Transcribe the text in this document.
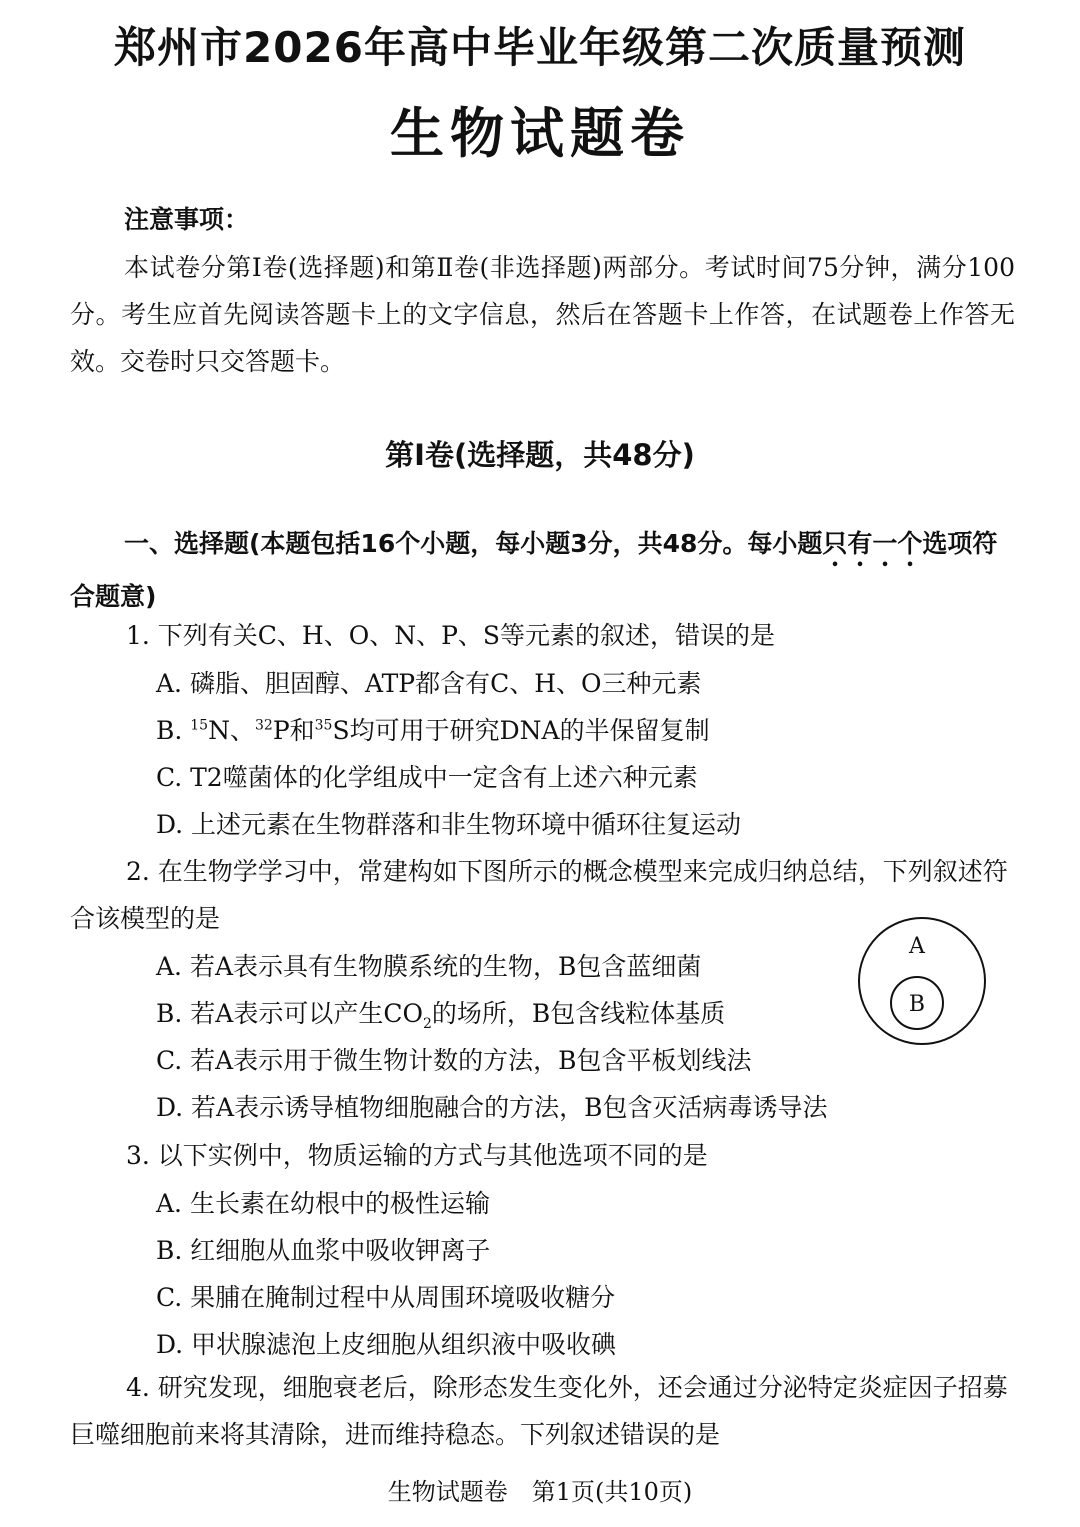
郑州市2026年高中毕业年级第二次质量预测
生物试题卷
注意事项：
本试卷分第Ⅰ卷(选择题)和第Ⅱ卷(非选择题)两部分。考试时间75分钟，满分100分。考生应首先阅读答题卡上的文字信息，然后在答题卡上作答，在试题卷上作答无效。交卷时只交答题卡。
第Ⅰ卷(选择题，共48分)
一、选择题(本题包括16个小题，每小题3分，共48分。每小题只有一个选项符合题意)
1. 下列有关C、H、O、N、P、S等元素的叙述，错误的是
A. 磷脂、胆固醇、ATP都含有C、H、O三种元素
B. $^{15}$N、$^{32}$P和$^{35}$S均可用于研究DNA的半保留复制
C. T2噬菌体的化学组成中一定含有上述六种元素
D. 上述元素在生物群落和非生物环境中循环往复运动
2. 在生物学学习中，常建构如下图所示的概念模型来完成归纳总结，下列叙述符合该模型的是
A. 若A表示具有生物膜系统的生物，B包含蓝细菌
B. 若A表示可以产生$CO_2$的场所，B包含线粒体基质
C. 若A表示用于微生物计数的方法，B包含平板划线法
D. 若A表示诱导植物细胞融合的方法，B包含灭活病毒诱导法
A
B
3. 以下实例中，物质运输的方式与其他选项不同的是
A. 生长素在幼根中的极性运输
B. 红细胞从血浆中吸收钾离子
C. 果脯在腌制过程中从周围环境吸收糖分
D. 甲状腺滤泡上皮细胞从组织液中吸收碘
4. 研究发现，细胞衰老后，除形态发生变化外，还会通过分泌特定炎症因子招募巨噬细胞前来将其清除，进而维持稳态。下列叙述错误的是
生物试题卷　第1页(共10页)
